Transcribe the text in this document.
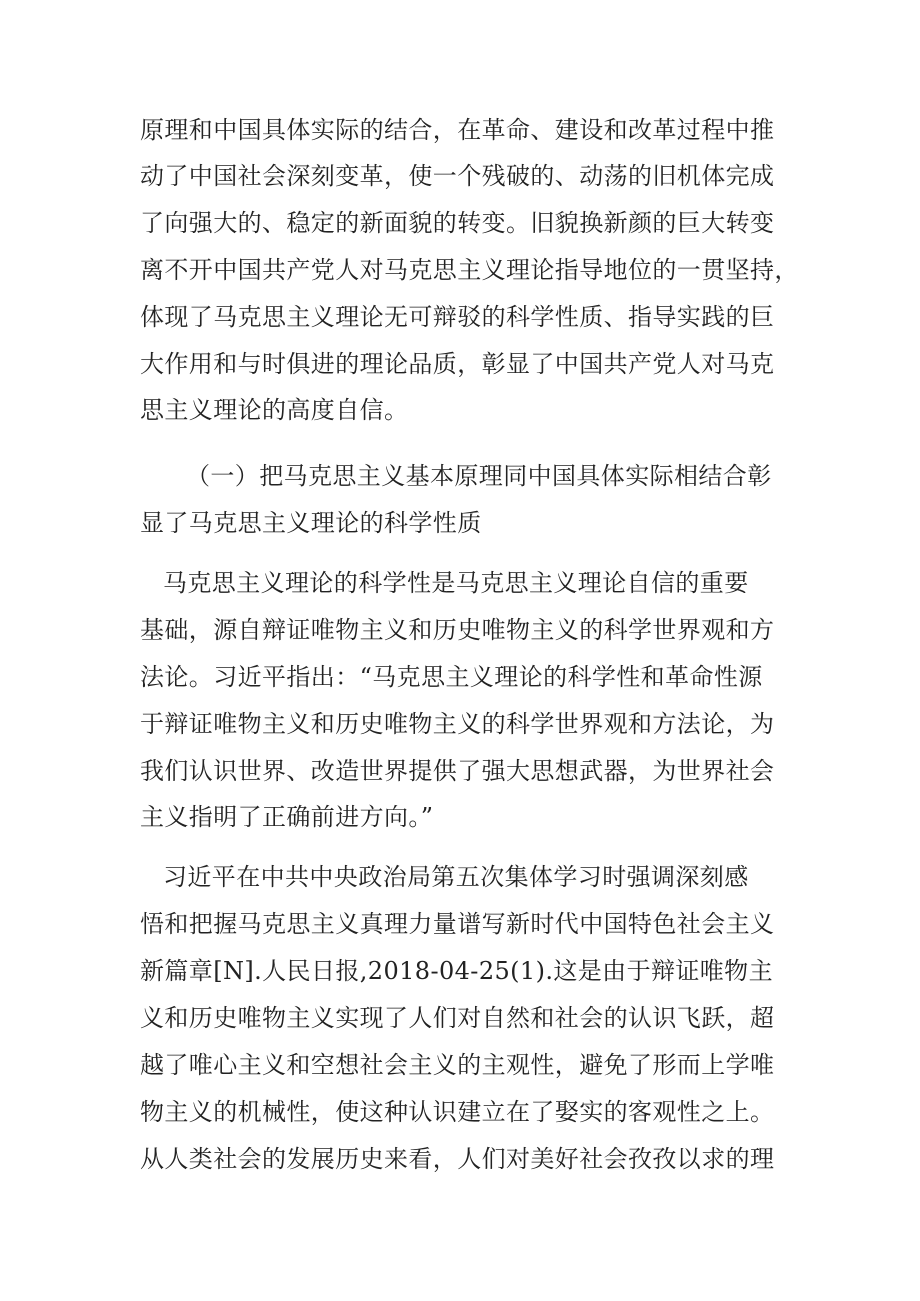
原理和中国具体实际的结合，在革命、建设和改革过程中推
动了中国社会深刻变革，使一个残破的、动荡的旧机体完成
了向强大的、稳定的新面貌的转变。旧貌换新颜的巨大转变
离不开中国共产党人对马克思主义理论指导地位的一贯坚持，
体现了马克思主义理论无可辩驳的科学性质、指导实践的巨
大作用和与时俱进的理论品质，彰显了中国共产党人对马克
思主义理论的高度自信。
（一）把马克思主义基本原理同中国具体实际相结合彰
显了马克思主义理论的科学性质
马克思主义理论的科学性是马克思主义理论自信的重要
基础，源自辩证唯物主义和历史唯物主义的科学世界观和方
法论。习近平指出：“马克思主义理论的科学性和革命性源
于辩证唯物主义和历史唯物主义的科学世界观和方法论，为
我们认识世界、改造世界提供了强大思想武器，为世界社会
主义指明了正确前进方向。”
习近平在中共中央政治局第五次集体学习时强调深刻感
悟和把握马克思主义真理力量谱写新时代中国特色社会主义
新篇章[N].人民日报,2018-04-25(1).这是由于辩证唯物主
义和历史唯物主义实现了人们对自然和社会的认识飞跃，超
越了唯心主义和空想社会主义的主观性，避免了形而上学唯
物主义的机械性，使这种认识建立在了娶实的客观性之上。
从人类社会的发展历史来看，人们对美好社会孜孜以求的理
